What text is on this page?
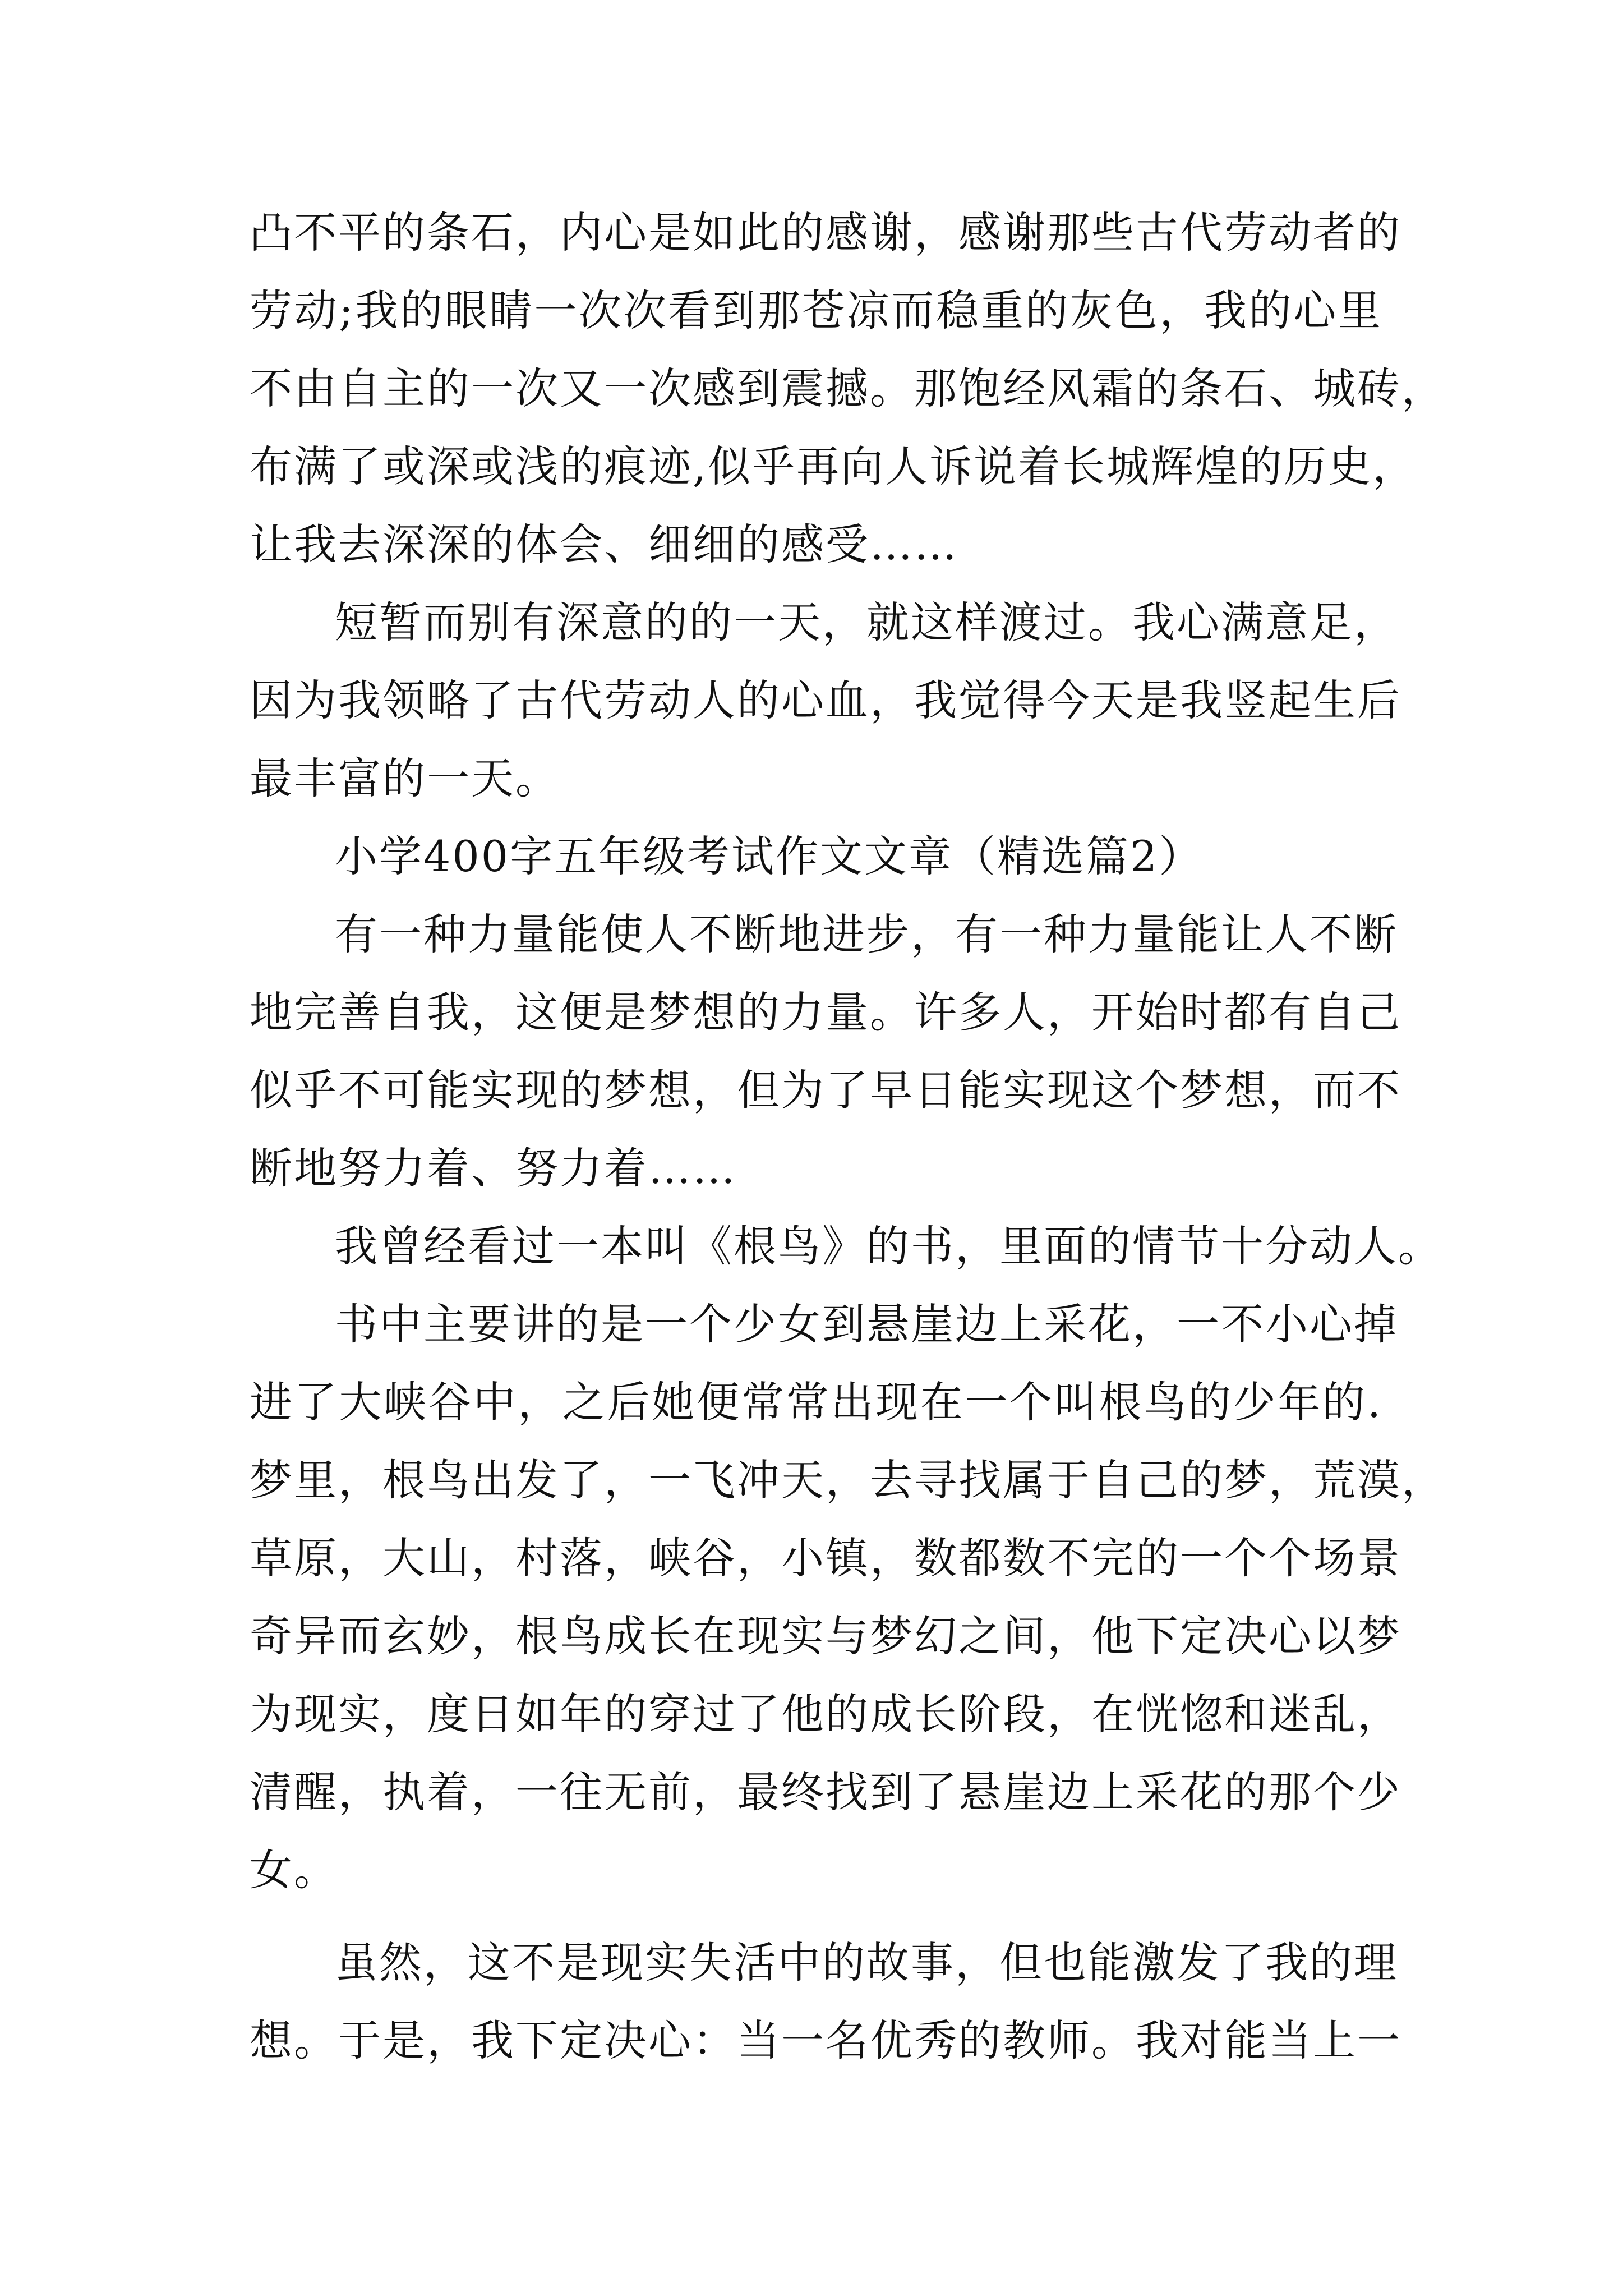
凸不平的条石，内心是如此的感谢，感谢那些古代劳动者的
劳动;我的眼睛一次次看到那苍凉而稳重的灰色，我的心里
不由自主的一次又一次感到震撼。那饱经风霜的条石、城砖，
布满了或深或浅的痕迹,似乎再向人诉说着长城辉煌的历史，
让我去深深的体会、细细的感受……
短暂而别有深意的的一天，就这样渡过。我心满意足，
因为我领略了古代劳动人的心血，我觉得今天是我竖起生后
最丰富的一天。
小学400字五年级考试作文文章（精选篇2）
有一种力量能使人不断地进步，有一种力量能让人不断
地完善自我，这便是梦想的力量。许多人，开始时都有自己
似乎不可能实现的梦想，但为了早日能实现这个梦想，而不
断地努力着、努力着……
我曾经看过一本叫《根鸟》的书，里面的情节十分动人。
书中主要讲的是一个少女到悬崖边上采花，一不小心掉
进了大峡谷中，之后她便常常出现在一个叫根鸟的少年的.
梦里，根鸟出发了，一飞冲天，去寻找属于自己的梦，荒漠，
草原，大山，村落，峡谷，小镇，数都数不完的一个个场景
奇异而玄妙，根鸟成长在现实与梦幻之间，他下定决心以梦
为现实，度日如年的穿过了他的成长阶段，在恍惚和迷乱，
清醒，执着，一往无前，最终找到了悬崖边上采花的那个少
女。
虽然，这不是现实失活中的故事，但也能激发了我的理
想。于是，我下定决心：当一名优秀的教师。我对能当上一
